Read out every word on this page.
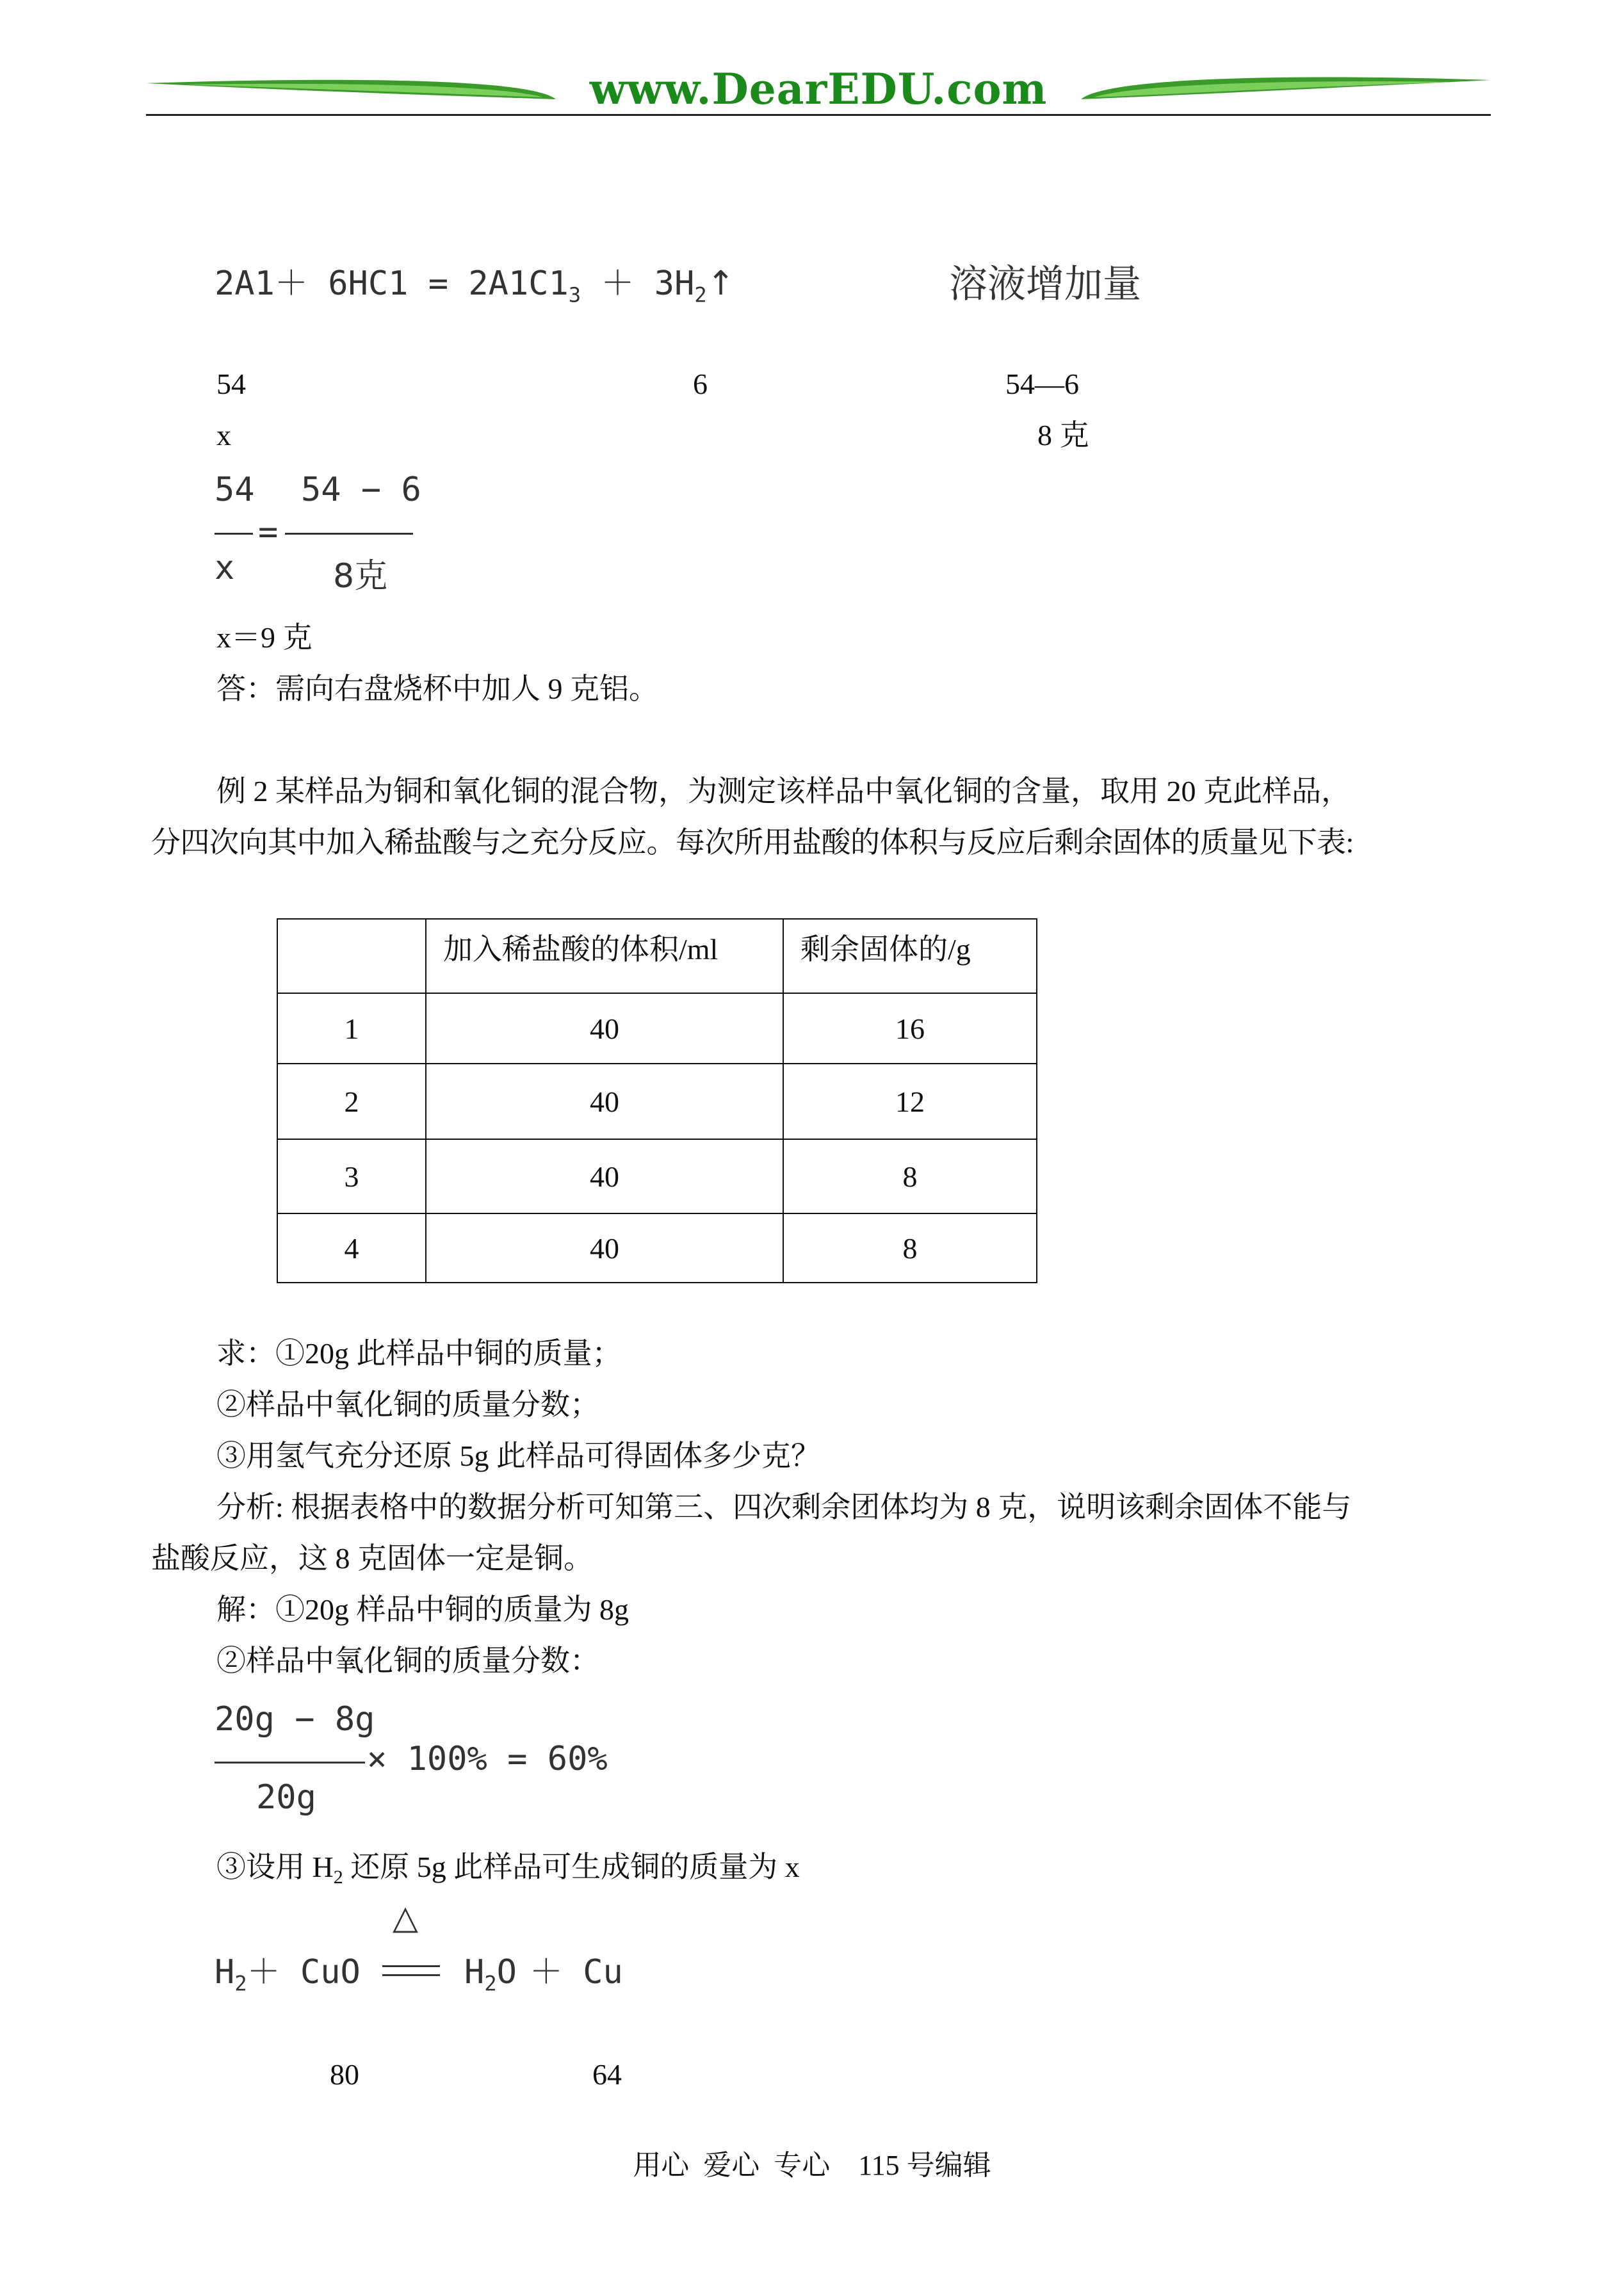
www.DearEDU.com
$2A1+ 6HC1 = 2A1C1_3$ ＋ $3H_2↑$	溶液增加量
54	6	54—6
x	8 克
54 54 − 6
=
x	8克
x＝9 克
答：需向右盘烧杯中加人 9 克铝。
例 2 某样品为铜和氧化铜的混合物，为测定该样品中氧化铜的含量，取用 20 克此样品，
分四次向其中加入稀盐酸与之充分反应。每次所用盐酸的体积与反应后剩余固体的质量见下表:
	加入稀盐酸的体积/ml	剩余固体的/g
1	40	16
2	40	12
3	40	8
4	40	8
求：①20g 此样品中铜的质量；
②样品中氧化铜的质量分数；
③用氢气充分还原 5g 此样品可得固体多少克？
分析: 根据表格中的数据分析可知第三、四次剩余团体均为 8 克，说明该剩余固体不能与
盐酸反应，这 8 克固体一定是铜。
解：①20g 样品中铜的质量为 8g
②样品中氧化铜的质量分数：
20g − 8g
× 100% = 60%
20g
③设用 $H_2$ 还原 5g 此样品可生成铜的质量为 x
△
$H_2+$ CuO	$H_2O + Cu$
80	64
用心  爱心  专心    115 号编辑
